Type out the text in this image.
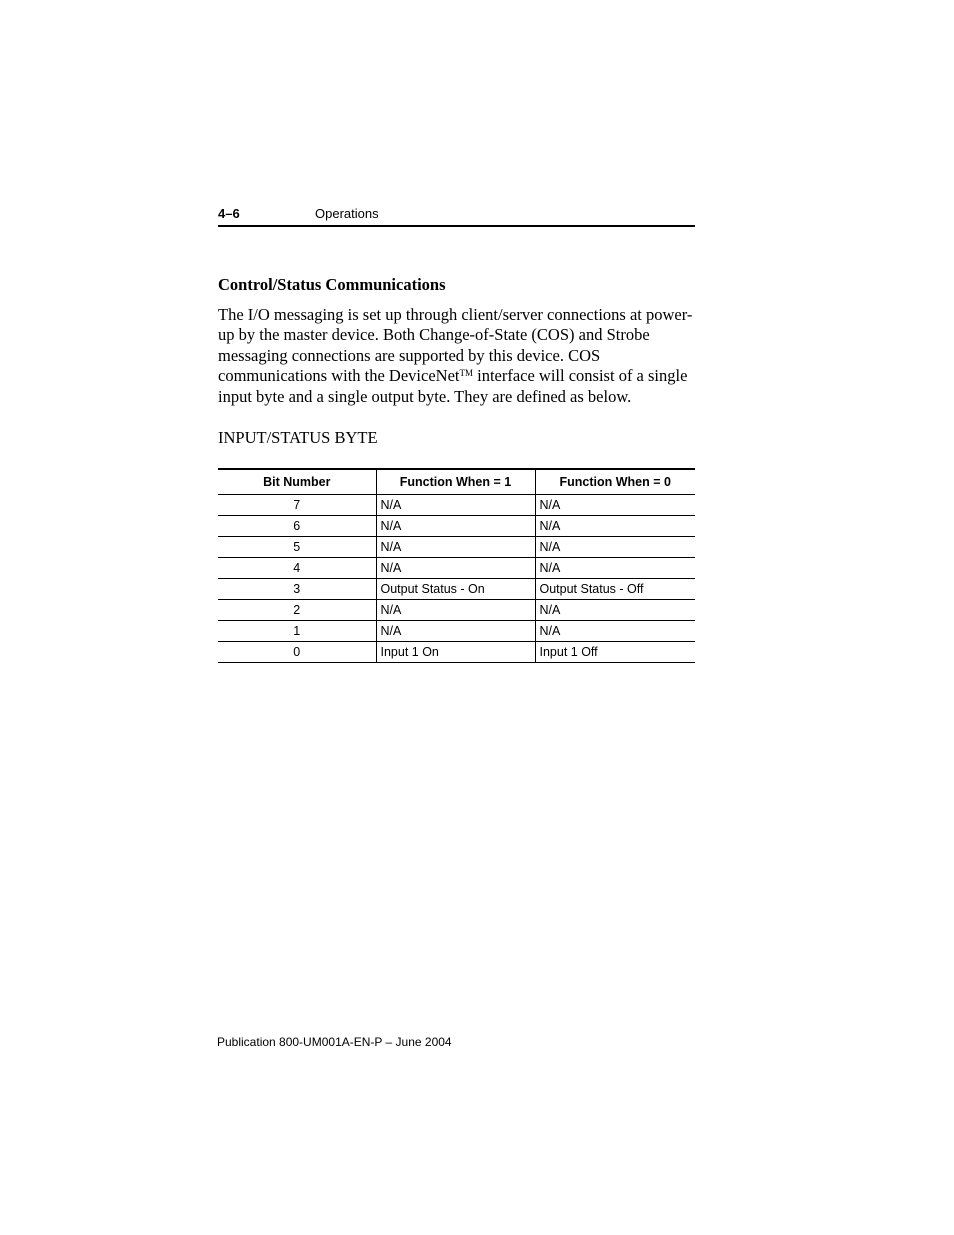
4–6	Operations
Control/Status Communications

The I/O messaging is set up through client/server connections at power-up by the master device. Both Change-of-State (COS) and Strobe messaging connections are supported by this device. COS communications with the DeviceNet™ interface will consist of a single input byte and a single output byte. They are defined as below.

INPUT/STATUS BYTE

Bit Number	Function When = 1	Function When = 0
7	N/A	N/A
6	N/A	N/A
5	N/A	N/A
4	N/A	N/A
3	Output Status - On	Output Status - Off
2	N/A	N/A
1	N/A	N/A
0	Input 1 On	Input 1 Off
Publication 800-UM001A-EN-P – June 2004
